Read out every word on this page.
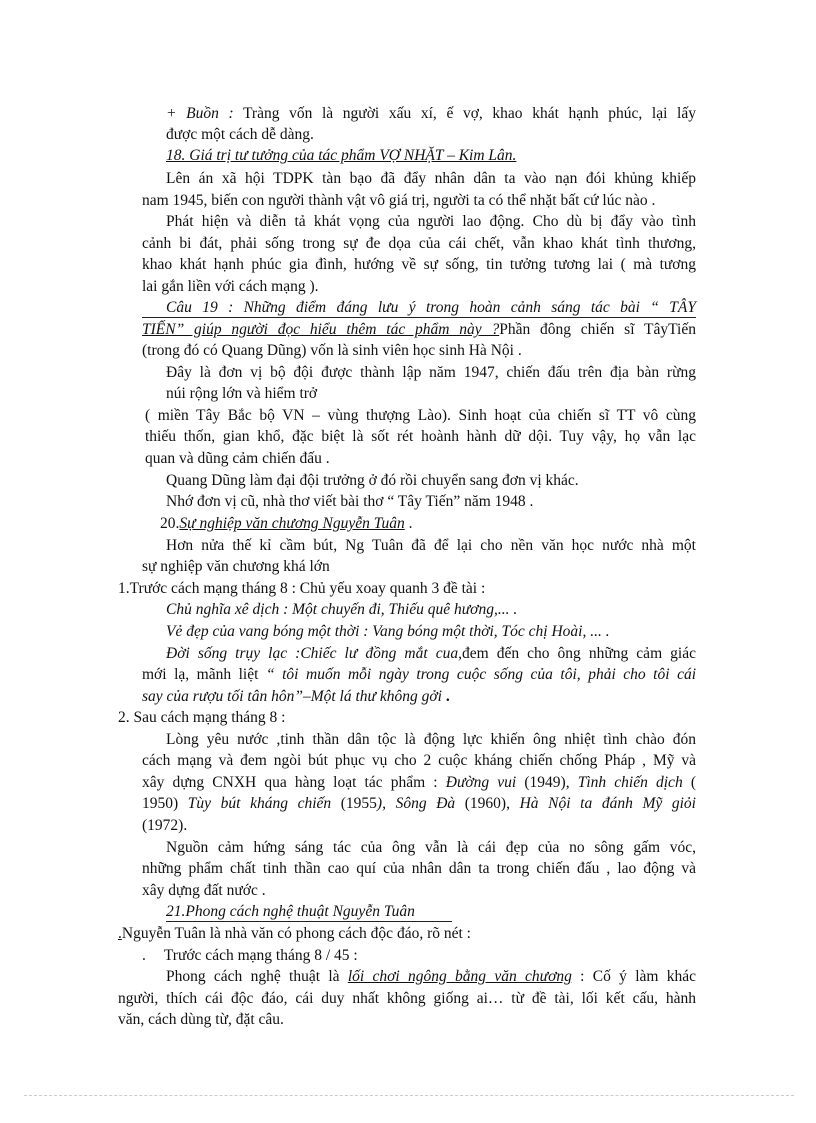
+ Buồn : Tràng vốn là người xấu xí, ế vợ, khao khát hạnh phúc, lại lấy
được một cách dễ dàng.
18. Giá trị tư tưởng của tác phẩm VỢ NHẶT – Kim Lân.
Lên án xã hội TDPK tàn bạo đã đẩy nhân dân ta vào nạn đói khủng khiếp
nam 1945, biến con người thành vật vô giá trị, người ta có thể nhặt bất cứ lúc nào .
Phát hiện và diễn tả khát vọng của người lao động. Cho dù bị đẩy vào tình
cảnh bi đát, phải sống trong sự đe dọa của cái chết, vẫn khao khát tình thương,
khao khát hạnh phúc gia đình, hướng về sự sống, tin tưởng tương lai ( mà tương
lai gắn liền với cách mạng ).
Câu 19 : Những điểm đáng lưu ý trong hoàn cảnh sáng tác bài “ TÂY
TIẾN” giúp người đọc hiểu thêm tác phẩm này ?Phần đông chiến sĩ TâyTiến
(trong đó có Quang Dũng) vốn là sinh viên học sinh Hà Nội .
Đây là đơn vị bộ đội được thành lập năm 1947, chiến đấu trên địa bàn rừng
núi rộng lớn và hiểm trở
( miền Tây Bắc bộ VN – vùng thượng Lào). Sinh hoạt của chiến sĩ TT vô cùng
thiếu thốn, gian khổ, đặc biệt là sốt rét hoành hành dữ dội. Tuy vậy, họ vẫn lạc
quan và dũng cảm chiến đấu .
Quang Dũng làm đại đội trưởng ở đó rồi chuyển sang đơn vị khác.
Nhớ đơn vị cũ, nhà thơ viết bài thơ “ Tây Tiến” năm 1948 .
20.Sự nghiệp văn chương Nguyễn Tuân .
Hơn nửa thế kỉ cầm bút, Ng Tuân đã để lại cho nền văn học nước nhà một
sự nghiệp văn chương khá lớn
1.Trước cách mạng tháng 8 : Chủ yếu xoay quanh 3 đề tài :
Chủ nghĩa xê dịch : Một chuyến đi, Thiếu quê hương,... .
Vẻ đẹp của vang bóng một thời : Vang bóng một thời, Tóc chị Hoài, ... .
Đời sống trụy lạc :Chiếc lư đồng mắt cua,đem đến cho ông những cảm giác
mới lạ, mãnh liệt “ tôi muốn mỗi ngày trong cuộc sống của tôi, phải cho tôi cái
say của rượu tối tân hôn”–Một lá thư không gởi .
2. Sau cách mạng tháng 8 :
Lòng yêu nước ,tinh thần dân tộc là động lực khiến ông nhiệt tình chào đón
cách mạng và đem ngòi bút phục vụ cho 2 cuộc kháng chiến chống Pháp , Mỹ và
xây dựng CNXH qua hàng loạt tác phẩm : Đường vui (1949), Tình chiến dịch (
1950) Tùy bút kháng chiến (1955), Sông Đà (1960), Hà Nội ta đánh Mỹ giỏi
(1972).
Nguồn cảm hứng sáng tác của ông vẫn là cái đẹp của no sông gấm vóc,
những phẩm chất tinh thần cao quí của nhân dân ta trong chiến đấu , lao động và
xây dựng đất nước .
21.Phong cách nghệ thuật Nguyễn Tuân
.Nguyễn Tuân là nhà văn có phong cách độc đáo, rõ nét :
. Trước cách mạng tháng 8 / 45 :
Phong cách nghệ thuật là lối chơi ngông bằng văn chương : Cố ý làm khác
người, thích cái độc đáo, cái duy nhất không giống ai… từ đề tài, lối kết cấu, hành
văn, cách dùng từ, đặt câu.
